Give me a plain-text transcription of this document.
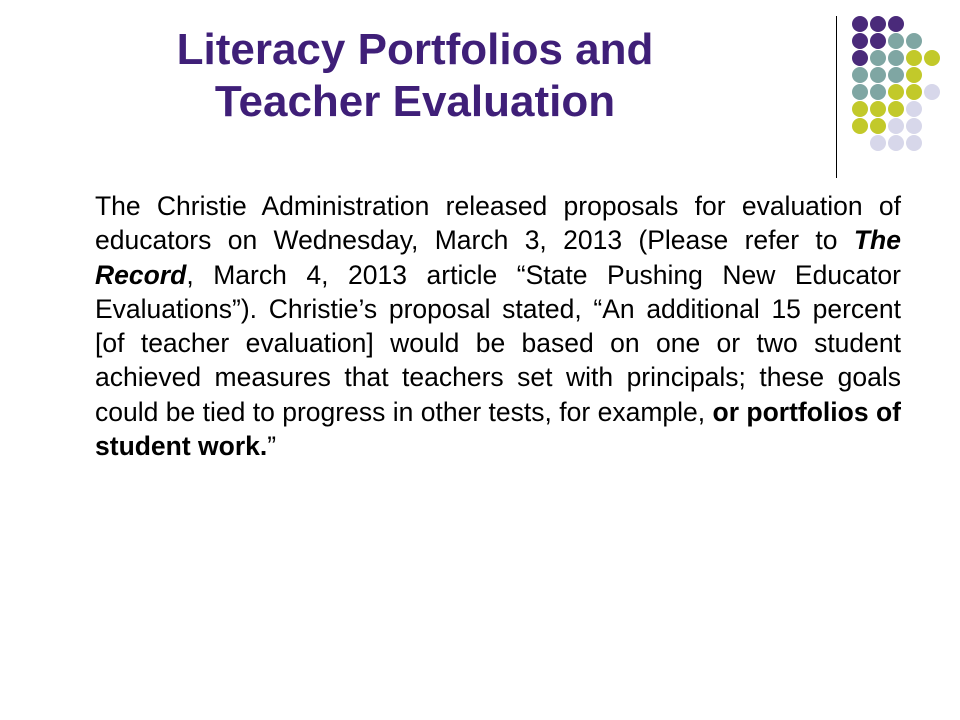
Literacy Portfolios and
Teacher Evaluation
The Christie Administration released proposals for evaluation of educators on Wednesday, March 3, 2013 (Please refer to The Record, March 4, 2013 article “State Pushing New Educator Evaluations”). Christie’s proposal stated, “An additional 15 percent [of teacher evaluation] would be based on one or two student achieved measures that teachers set with principals; these goals could be tied to progress in other tests, for example, or portfolios of student work.”
